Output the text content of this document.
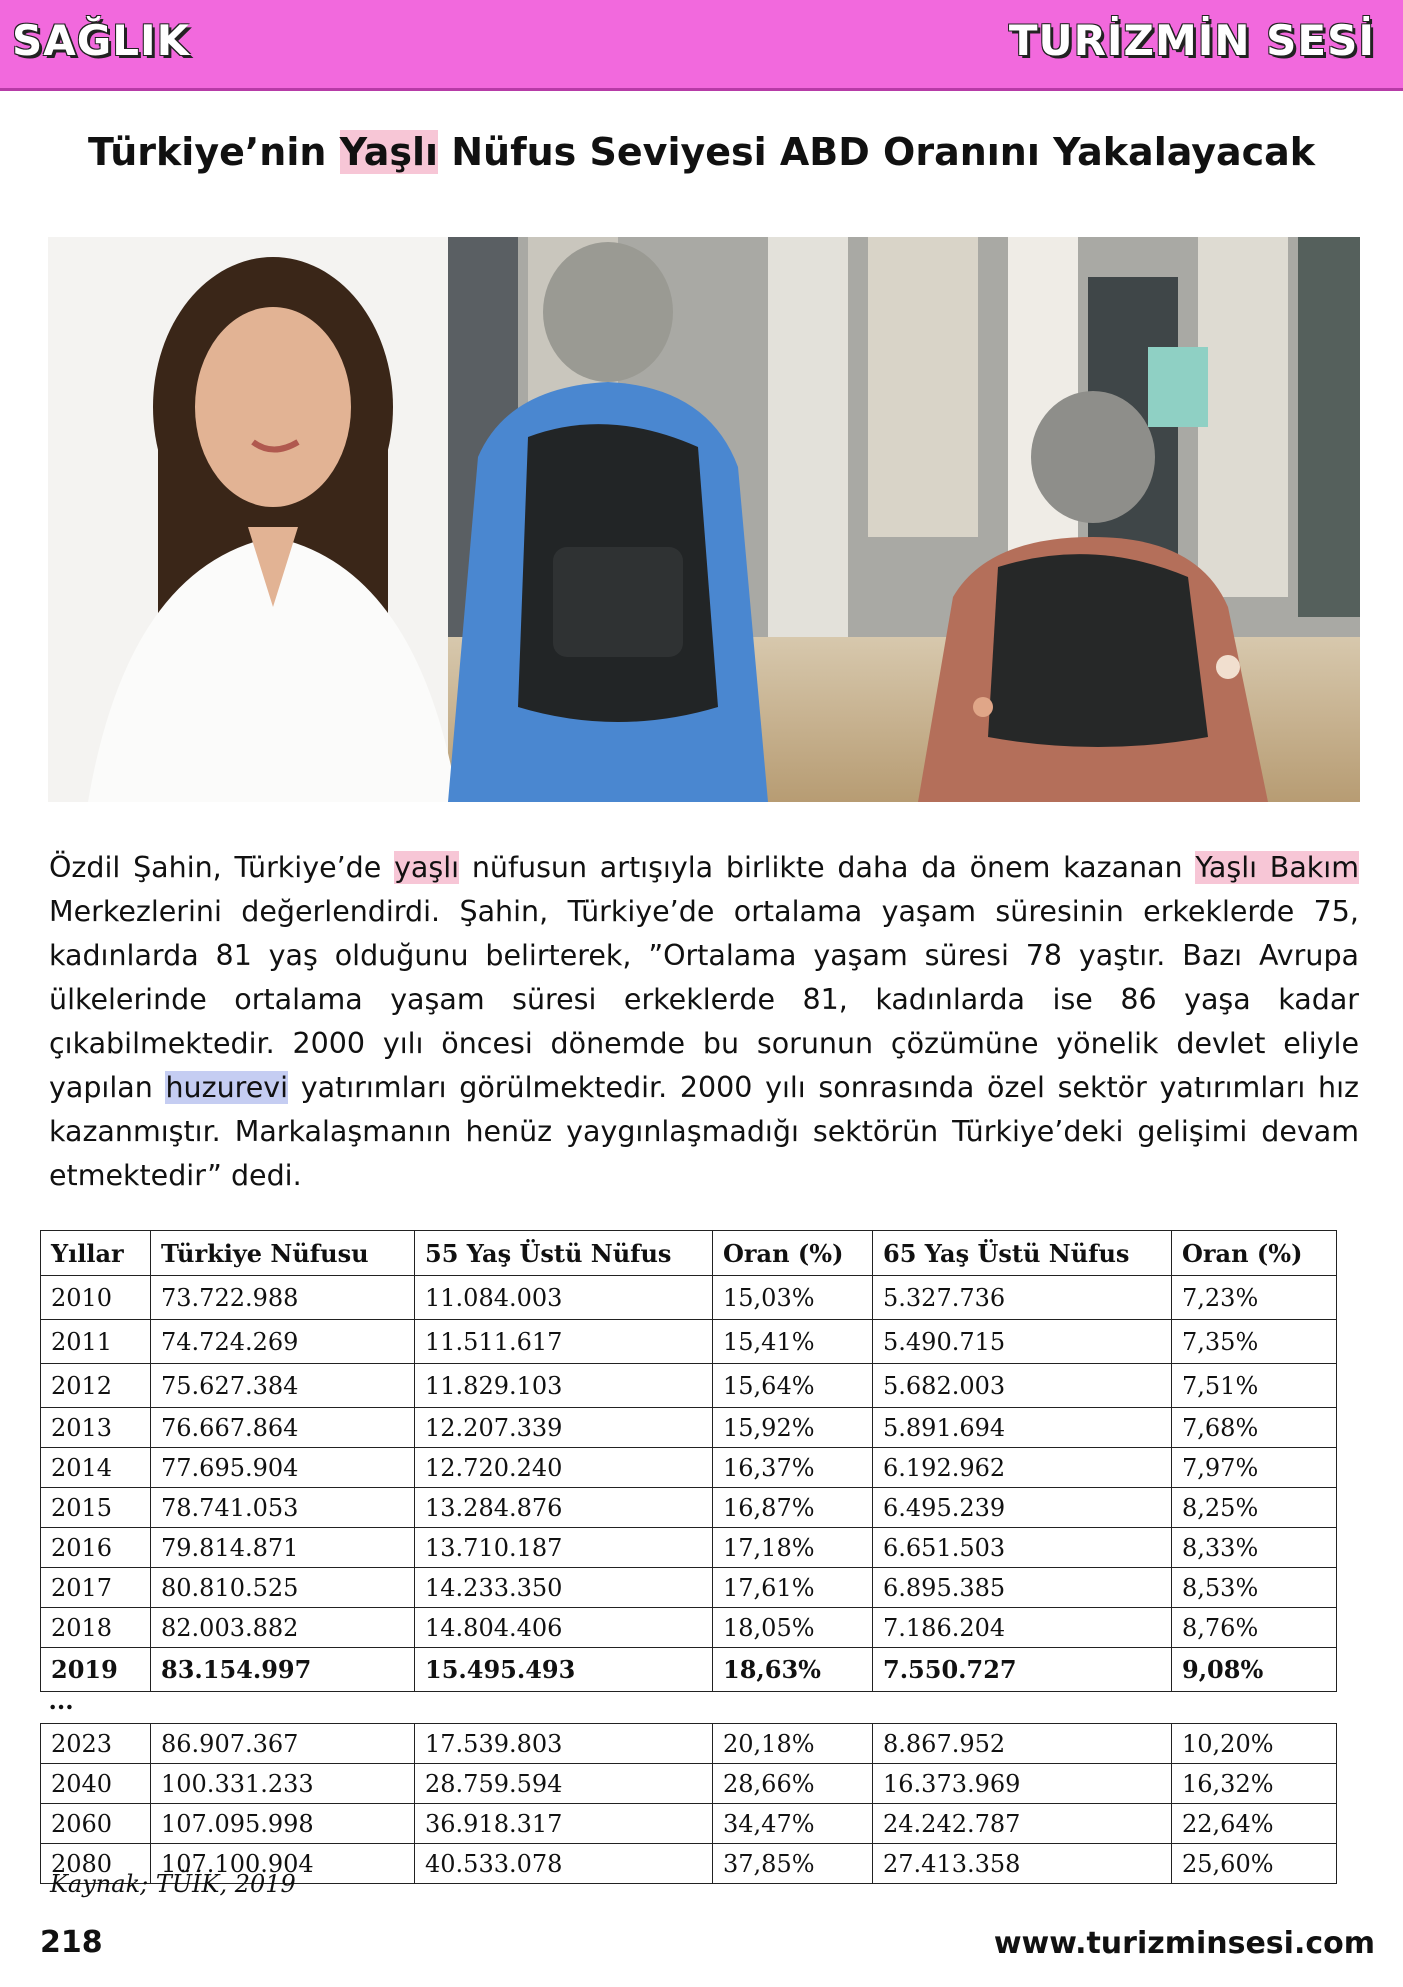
SAĞLIK	TURİZMİN SESİ
Türkiye’nin Yaşlı Nüfus Seviyesi ABD Oranını Yakalayacak
Özdil Şahin, Türkiye’de yaşlı nüfusun artışıyla birlikte daha da önem kazanan Yaşlı Bakım Merkezlerini değerlendirdi. Şahin, Türkiye’de ortalama yaşam süresinin erkeklerde 75, kadınlarda 81 yaş olduğunu belirterek, ”Ortalama yaşam süresi 78 yaştır. Bazı Avrupa ülkelerinde ortalama yaşam süresi erkeklerde 81, kadınlarda ise 86 yaşa kadar çıkabilmektedir. 2000 yılı öncesi dönemde bu sorunun çözümüne yönelik devlet eliyle yapılan huzurevi yatırımları görülmektedir. 2000 yılı sonrasında özel sektör yatırımları hız kazanmıştır. Markalaşmanın henüz yaygınlaşmadığı sektörün Türkiye’deki gelişimi devam etmektedir” dedi.
Yıllar	Türkiye Nüfusu	55 Yaş Üstü Nüfus	Oran (%)	65 Yaş Üstü Nüfus	Oran (%)
2010	73.722.988	11.084.003	15,03%	5.327.736	7,23%
2011	74.724.269	11.511.617	15,41%	5.490.715	7,35%
2012	75.627.384	11.829.103	15,64%	5.682.003	7,51%
2013	76.667.864	12.207.339	15,92%	5.891.694	7,68%
2014	77.695.904	12.720.240	16,37%	6.192.962	7,97%
2015	78.741.053	13.284.876	16,87%	6.495.239	8,25%
2016	79.814.871	13.710.187	17,18%	6.651.503	8,33%
2017	80.810.525	14.233.350	17,61%	6.895.385	8,53%
2018	82.003.882	14.804.406	18,05%	7.186.204	8,76%
2019	83.154.997	15.495.493	18,63%	7.550.727	9,08%
...					
2023	86.907.367	17.539.803	20,18%	8.867.952	10,20%
2040	100.331.233	28.759.594	28,66%	16.373.969	16,32%
2060	107.095.998	36.918.317	34,47%	24.242.787	22,64%
2080	107.100.904	40.533.078	37,85%	27.413.358	25,60%
Kaynak; TÜİK, 2019
218	www.turizminsesi.com
